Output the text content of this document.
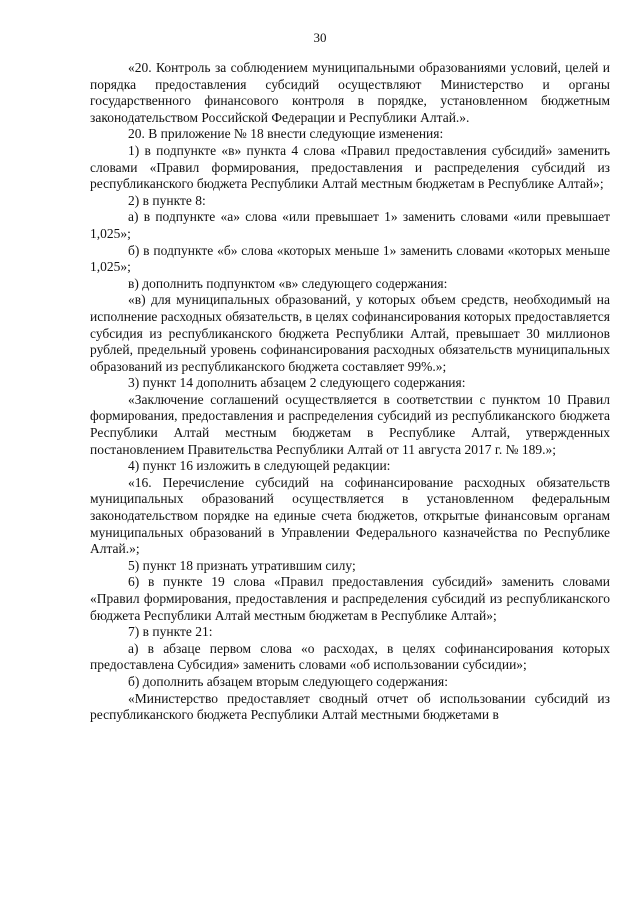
30

«20. Контроль за соблюдением муниципальными образованиями условий, целей и порядка предоставления субсидий осуществляют Министерство и органы государственного финансового контроля в порядке, установленном бюджетным законодательством Российской Федерации и Республики Алтай.».

20. В приложение № 18 внести следующие изменения:

1) в подпункте «в» пункта 4 слова «Правил предоставления субсидий» заменить словами «Правил формирования, предоставления и распределения субсидий из республиканского бюджета Республики Алтай местным бюджетам в Республике Алтай»;

2) в пункте 8:

а) в подпункте «а» слова «или превышает 1» заменить словами «или превышает 1,025»;

б) в подпункте «б» слова «которых меньше 1» заменить словами «которых меньше 1,025»;

в) дополнить подпунктом «в» следующего содержания:

«в) для муниципальных образований, у которых объем средств, необходимый на исполнение расходных обязательств, в целях софинансирования которых предоставляется субсидия из республиканского бюджета Республики Алтай, превышает 30 миллионов рублей, предельный уровень софинансирования расходных обязательств муниципальных образований из республиканского бюджета составляет 99%.»;

3) пункт 14 дополнить абзацем 2 следующего содержания:

«Заключение соглашений осуществляется в соответствии с пунктом 10 Правил формирования, предоставления и распределения субсидий из республиканского бюджета Республики Алтай местным бюджетам в Республике Алтай, утвержденных постановлением Правительства Республики Алтай от 11 августа 2017 г. № 189.»;

4) пункт 16 изложить в следующей редакции:

«16. Перечисление субсидий на софинансирование расходных обязательств муниципальных образований осуществляется в установленном федеральным законодательством порядке на единые счета бюджетов, открытые финансовым органам муниципальных образований в Управлении Федерального казначейства по Республике Алтай.»;

5) пункт 18 признать утратившим силу;

6) в пункте 19 слова «Правил предоставления субсидий» заменить словами «Правил формирования, предоставления и распределения субсидий из республиканского бюджета Республики Алтай местным бюджетам в Республике Алтай»;

7) в пункте 21:

а) в абзаце первом слова «о расходах, в целях софинансирования которых предоставлена Субсидия» заменить словами «об использовании субсидии»;

б) дополнить абзацем вторым следующего содержания:

«Министерство предоставляет сводный отчет об использовании субсидий из республиканского бюджета Республики Алтай местными бюджетами в
